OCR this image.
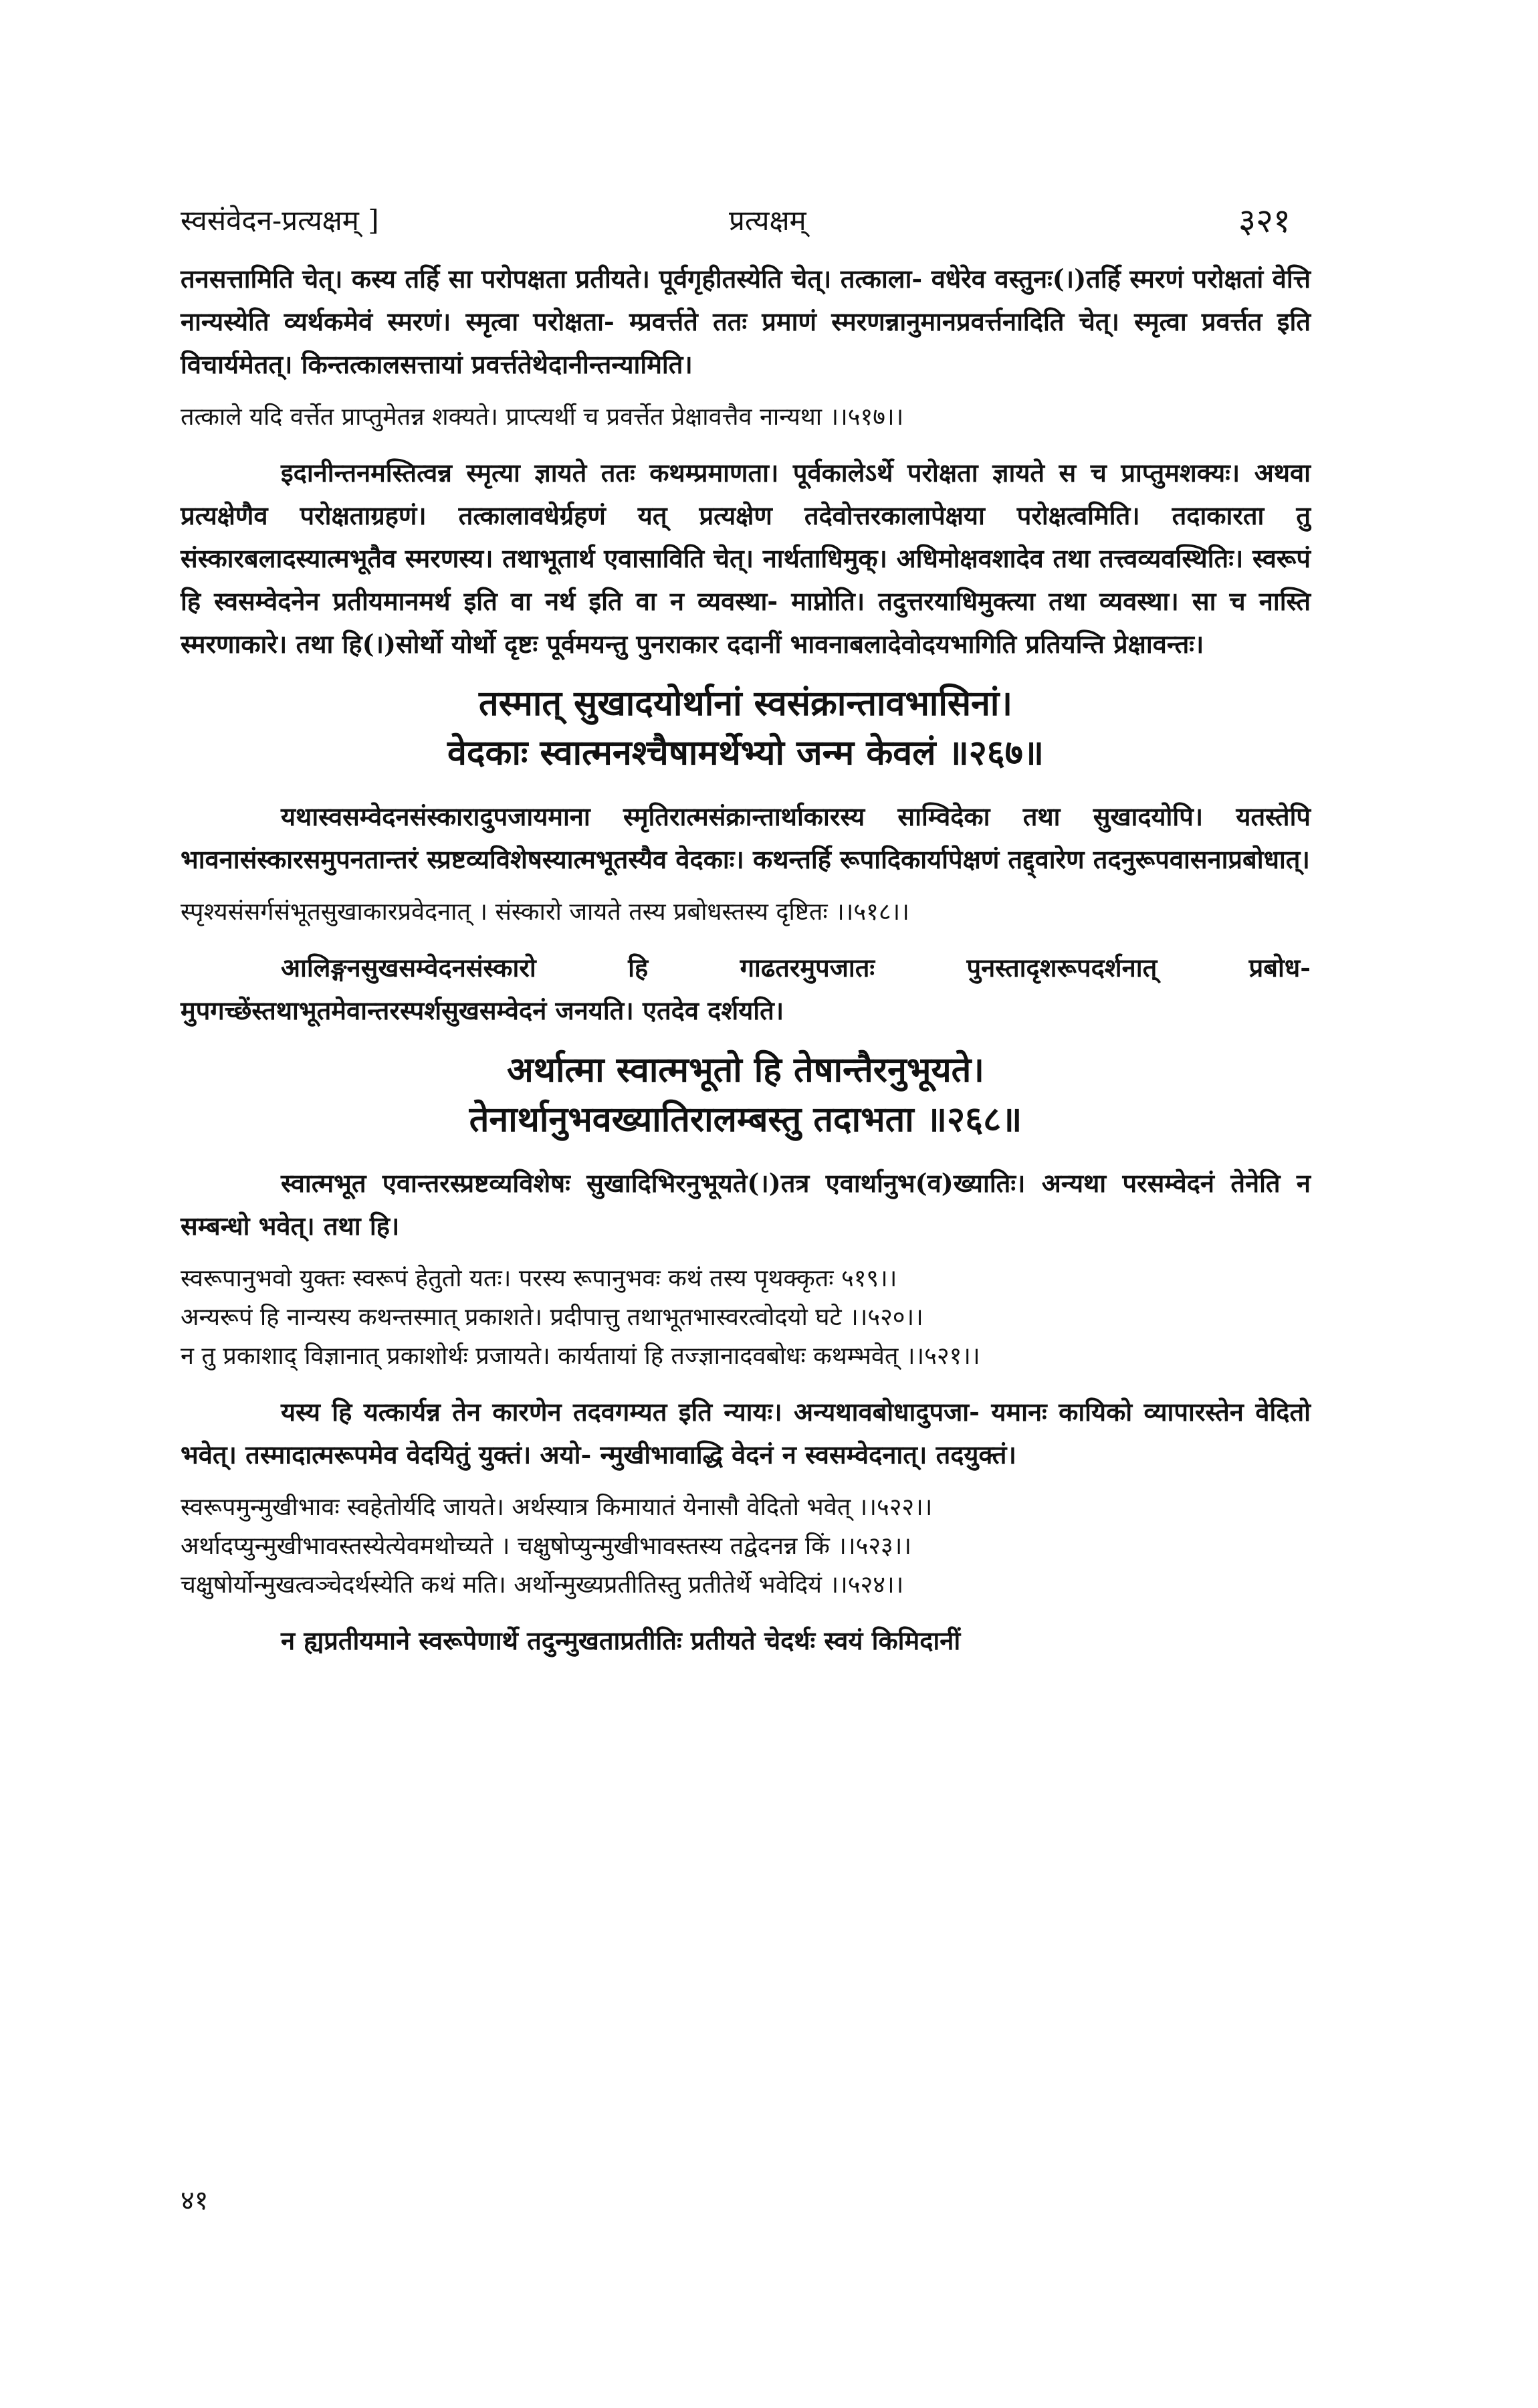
स्वसंवेदन-प्रत्यक्षम् ]	प्रत्यक्षम्	३२१

तनसत्तामिति चेत्। कस्य तर्हि सा परोपक्षता प्रतीयते। पूर्वगृहीतस्येति चेत्। तत्काला- वधेरेव वस्तुनः(।)तर्हि स्मरणं परोक्षतां वेत्ति नान्यस्येति व्यर्थकमेवं स्मरणं। स्मृत्वा परोक्षता- म्प्रवर्त्तते ततः प्रमाणं स्मरणन्नानुमानप्रवर्त्तनादिति चेत्। स्मृत्वा प्रवर्त्तत इति विचार्यमेतत्। किन्तत्कालसत्तायां प्रवर्त्ततेथेदानीन्तन्यामिति।

तत्काले यदि वर्त्तेत प्राप्तुमेतन्न शक्यते। प्राप्त्यर्थी च प्रवर्त्तेत प्रेक्षावत्तैव नान्यथा ।।५१७।।

इदानीन्तनमस्तित्वन्न स्मृत्या ज्ञायते ततः कथम्प्रमाणता। पूर्वकालेऽर्थे परोक्षता ज्ञायते स च प्राप्तुमशक्यः। अथवा प्रत्यक्षेणैव परोक्षताग्रहणं। तत्कालावधेर्ग्रहणं यत् प्रत्यक्षेण तदेवोत्तरकालापेक्षया परोक्षत्वमिति। तदाकारता तु संस्कारबलादस्यात्मभूतैव स्मरणस्य। तथाभूतार्थ एवासाविति चेत्। नार्थताधिमुक्। अधिमोक्षवशादेव तथा तत्त्वव्यवस्थितिः। स्वरूपं हि स्वसम्वेदनेन प्रतीयमानमर्थ इति वा नर्थ इति वा न व्यवस्था- माप्नोति। तदुत्तरयाधिमुक्त्या तथा व्यवस्था। सा च नास्ति स्मरणाकारे। तथा हि(।)सोर्थो योर्थो दृष्टः पूर्वमयन्तु पुनराकार ददानीं भावनाबलादेवोदयभागिति प्रतियन्ति प्रेक्षावन्तः।

तस्मात् सुखादयोर्थानां स्वसंक्रान्तावभासिनां।
वेदकाः स्वात्मनश्चैषामर्थेभ्यो जन्म केवलं ॥२६७॥

यथास्वसम्वेदनसंस्कारादुपजायमाना स्मृतिरात्मसंक्रान्तार्थाकारस्य साम्विदेका तथा सुखादयोपि। यतस्तेपि भावनासंस्कारसमुपनतान्तरं स्प्रष्टव्यविशेषस्यात्मभूतस्यैव वेदकाः। कथन्तर्हि रूपादिकार्यापेक्षणं तद्द्वारेण तदनुरूपवासनाप्रबोधात्।

स्पृश्यसंसर्गसंभूतसुखाकारप्रवेदनात् । संस्कारो जायते तस्य प्रबोधस्तस्य दृष्टितः ।।५१८।।

आलिङ्गनसुखसम्वेदनसंस्कारो हि गाढतरमुपजातः पुनस्तादृशरूपदर्शनात् प्रबोध- मुपगच्छेंस्तथाभूतमेवान्तरस्पर्शसुखसम्वेदनं जनयति। एतदेव दर्शयति।

अर्थात्मा स्वात्मभूतो हि तेषान्तैरनुभूयते।
तेनार्थानुभवख्यातिरालम्बस्तु तदाभता ॥२६८॥

स्वात्मभूत एवान्तरस्प्रष्टव्यविशेषः सुखादिभिरनुभूयते(।)तत्र एवार्थानुभ(व)ख्यातिः। अन्यथा परसम्वेदनं तेनेति न सम्बन्धो भवेत्। तथा हि।

स्वरूपानुभवो युक्तः स्वरूपं हेतुतो यतः। परस्य रूपानुभवः कथं तस्य पृथक्कृतः ५१९।।

अन्यरूपं हि नान्यस्य कथन्तस्मात् प्रकाशते। प्रदीपात्तु तथाभूतभास्वरत्वोदयो घटे ।।५२०।।

न तु प्रकाशाद् विज्ञानात् प्रकाशोर्थः प्रजायते। कार्यतायां हि तज्ज्ञानादवबोधः कथम्भवेत् ।।५२१।।

यस्य हि यत्कार्यन्न तेन कारणेन तदवगम्यत इति न्यायः। अन्यथावबोधादुपजा- यमानः कायिको व्यापारस्तेन वेदितो भवेत्। तस्मादात्मरूपमेव वेदयितुं युक्तं। अयो- न्मुखीभावाद्धि वेदनं न स्वसम्वेदनात्। तदयुक्तं।

स्वरूपमुन्मुखीभावः स्वहेतोर्यदि जायते। अर्थस्यात्र किमायातं येनासौ वेदितो भवेत् ।।५२२।।

अर्थादप्युन्मुखीभावस्तस्येत्येवमथोच्यते । चक्षुषोप्युन्मुखीभावस्तस्य तद्वेदनन्न किं ।।५२३।।

चक्षुषोर्योन्मुखत्वञ्चेदर्थस्येति कथं मति। अर्थोन्मुख्यप्रतीतिस्तु प्रतीतेर्थे भवेदियं ।।५२४।।

न ह्यप्रतीयमाने स्वरूपेणार्थे तदुन्मुखताप्रतीतिः प्रतीयते चेदर्थः स्वयं किमिदानीं

४१
